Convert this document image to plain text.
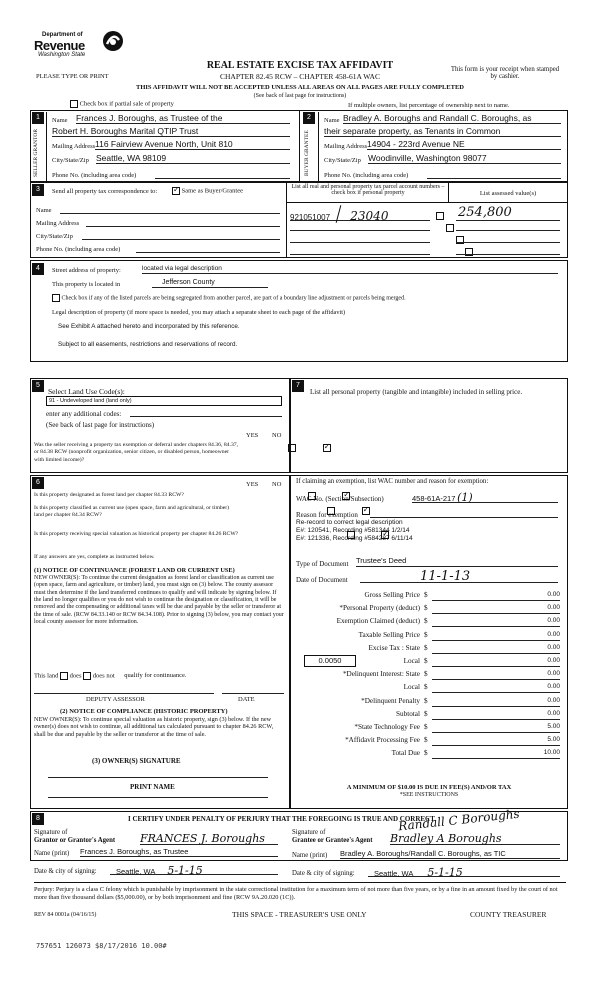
Department of
Revenue
Washington State
PLEASE TYPE OR PRINT
REAL ESTATE EXCISE TAX AFFIDAVIT
CHAPTER 82.45 RCW – CHAPTER 458-61A WAC
This form is your receipt when stamped by cashier.
THIS AFFIDAVIT WILL NOT BE ACCEPTED UNLESS ALL AREAS ON ALL PAGES ARE FULLY COMPLETED
(See back of last page for instructions)
Check box if partial sale of property	If multiple owners, list percentage of ownership next to name.
1	2
SELLER GRANTOR	BUYER GRANTEE
Name Frances J. Boroughs, as Trustee of the
Robert H. Boroughs Marital QTIP Trust
Mailing Address 116 Fairview Avenue North, Unit 810
City/State/Zip Seattle, WA 98109
Phone No. (including area code)
Name Bradley A. Boroughs and Randall C. Boroughs, as
their separate property, as Tenants in Common
Mailing Address 14904 - 223rd Avenue NE
City/State/Zip Woodinville, Washington 98077
Phone No. (including area code)
3	Send all property tax correspondence to: ✓	Same as Buyer/Grantee
Name
Mailing Address
City/State/Zip
Phone No. (including area code)
List all real and personal property tax parcel account numbers – check box if personal property	List assessed value(s)
921051007 23040
	254,800
4	Street address of property:	located via legal description
This property is located in	Jefferson County
Check box if any of the listed parcels are being segregated from another parcel, are part of a boundary line adjustment or parcels being merged.
Legal description of property (if more space is needed, you may attach a separate sheet to each page of the affidavit)
See Exhibit A attached hereto and incorporated by this reference.
Subject to all easements, restrictions and reservations of record.
5
Select Land Use Code(s):
91 - Undeveloped land (land only)
enter any additional codes:
(See back of last page for instructions)
YES NO
Was the seller receiving a property tax exemption or deferral under chapters 84.36, 84.37, or 84.38 RCW (nonprofit organization, senior citizen, or disabled person, homeowner with limited income)?
✓
6	YES NO
Is this property designated as forest land per chapter 84.33 RCW?
✓
Is this property classified as current use (open space, farm and agricultural, or timber) land per chapter 84.34 RCW?
✓
Is this property receiving special valuation as historical property per chapter 84.26 RCW?
✓
If any answers are yes, complete as instructed below.
(1) NOTICE OF CONTINUANCE (FOREST LAND OR CURRENT USE)
NEW OWNER(S): To continue the current designation as forest land or classification as current use (open space, farm and agriculture, or timber) land, you must sign on (3) below. The county assessor must then determine if the land transferred continues to qualify and will indicate by signing below. If the land no longer qualifies or you do not wish to continue the designation or classification, it will be removed and the compensating or additional taxes will be due and payable by the seller or transferor at the time of sale. (RCW 84.33.140 or RCW 84.34.108). Prior to signing (3) below, you may contact your local county assessor for more information.
This land does does not qualify for continuance.
DEPUTY ASSESSOR	DATE
(2) NOTICE OF COMPLIANCE (HISTORIC PROPERTY)
NEW OWNER(S): To continue special valuation as historic property, sign (3) below. If the new owner(s) does not wish to continue, all additional tax calculated pursuant to chapter 84.26 RCW, shall be due and payable by the seller or transferor at the time of sale.
(3) OWNER(S) SIGNATURE
PRINT NAME
7
List all personal property (tangible and intangible) included in selling price.
If claiming an exemption, list WAC number and reason for exemption:
WAC No. (Section/Subsection)	458-61A-217 (1)
Reason for exemption
Re-record to correct legal description
E#: 120541, Recording #581344 1/2/14
E#: 121336, Recording #584287 6/11/14
Type of Document Trustee's Deed
Date of Document	11-1-13
Gross Selling Price $	0.00
*Personal Property (deduct) $	0.00
Exemption Claimed (deduct) $	0.00
Taxable Selling Price $	0.00
Excise Tax : State $	0.00
Local $	0.00
0.0050
*Delinquent Interest: State $	0.00
Local $	0.00
*Delinquent Penalty $	0.00
Subtotal $	0.00
*State Technology Fee $	5.00
*Affidavit Processing Fee $	5.00
Total Due $	10.00
A MINIMUM OF $10.00 IS DUE IN FEE(S) AND/OR TAX
*SEE INSTRUCTIONS
8	I CERTIFY UNDER PENALTY OF PERJURY THAT THE FOREGOING IS TRUE AND CORRECT.
Signature of
Grantor or Grantor's Agent FRANCES J. Boroughs
Name (print) Frances J. Boroughs, as Trustee
Signature of
Grantee or Grantee's Agent
Randall C Boroughs
Bradley A Boroughs
Name (print) Bradley A. Boroughs/Randall C. Boroughs, as TIC
Date & city of signing:	Seattle, WA 5-1-15	Date & city of signing:	Seattle, WA 5-1-15
Perjury: Perjury is a class C felony which is punishable by imprisonment in the state correctional institution for a maximum term of not more than five years, or by a fine in an amount fixed by the court of not more than five thousand dollars ($5,000.00), or by both imprisonment and fine (RCW 9A.20.020 (1C)).
REV 84 0001a (04/16/15)	THIS SPACE - TREASURER'S USE ONLY	COUNTY TREASURER
757651 126073 $8/17/2016 10.00#
